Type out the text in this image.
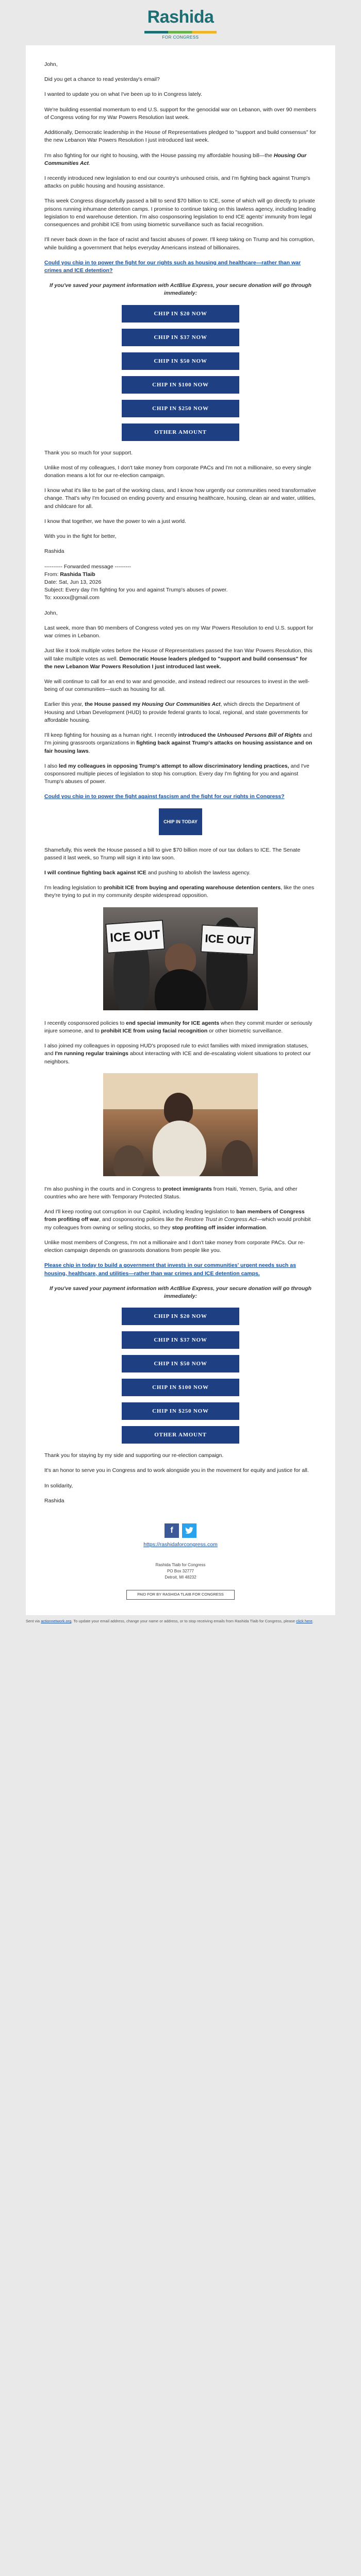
Rashida
FOR CONGRESS

John,

Did you get a chance to read yesterday's email?

I wanted to update you on what I've been up to in Congress lately.

We're building essential momentum to end U.S. support for the genocidal war on Lebanon, with over 90 members of Congress voting for my War Powers Resolution last week.

Additionally, Democratic leadership in the House of Representatives pledged to "support and build consensus" for the new Lebanon War Powers Resolution I just introduced last week.

I'm also fighting for our right to housing, with the House passing my affordable housing bill—the Housing Our Communities Act.

I recently introduced new legislation to end our country's unhoused crisis, and I'm fighting back against Trump's attacks on public housing and housing assistance.

This week Congress disgracefully passed a bill to send $70 billion to ICE, some of which will go directly to private prisons running inhumane detention camps. I promise to continue taking on this lawless agency, including leading legislation to end warehouse detention. I'm also cosponsoring legislation to end ICE agents' immunity from legal consequences and prohibit ICE from using biometric surveillance such as facial recognition.

I'll never back down in the face of racist and fascist abuses of power. I'll keep taking on Trump and his corruption, while building a government that helps everyday Americans instead of billionaires.

Could you chip in to power the fight for our rights such as housing and healthcare—rather than war crimes and ICE detention?

If you've saved your payment information with ActBlue Express, your secure donation will go through immediately:

CHIP IN $20 NOW
CHIP IN $37 NOW
CHIP IN $50 NOW
CHIP IN $100 NOW
CHIP IN $250 NOW
OTHER AMOUNT

Thank you so much for your support.

Unlike most of my colleagues, I don't take money from corporate PACs and I'm not a millionaire, so every single donation means a lot for our re-election campaign.

I know what it's like to be part of the working class, and I know how urgently our communities need transformative change. That's why I'm focused on ending poverty and ensuring healthcare, housing, clean air and water, utilities, and childcare for all.

I know that together, we have the power to win a just world.

With you in the fight for better,

Rashida

---------- Forwarded message ---------
From: Rashida Tlaib
Date: Sat, Jun 13, 2026
Subject: Every day I'm fighting for you and against Trump's abuses of power.
To: xxxxxx@gmail.com

John,

Last week, more than 90 members of Congress voted yes on my War Powers Resolution to end U.S. support for war crimes in Lebanon.

Just like it took multiple votes before the House of Representatives passed the Iran War Powers Resolution, this will take multiple votes as well. Democratic House leaders pledged to "support and build consensus" for the new Lebanon War Powers Resolution I just introduced last week.

We will continue to call for an end to war and genocide, and instead redirect our resources to invest in the well-being of our communities—such as housing for all.

Earlier this year, the House passed my Housing Our Communities Act, which directs the Department of Housing and Urban Development (HUD) to provide federal grants to local, regional, and state governments for affordable housing.

I'll keep fighting for housing as a human right. I recently introduced the Unhoused Persons Bill of Rights and I'm joining grassroots organizations in fighting back against Trump's attacks on housing assistance and on fair housing laws.

I also led my colleagues in opposing Trump's attempt to allow discriminatory lending practices, and I've cosponsored multiple pieces of legislation to stop his corruption. Every day I'm fighting for you and against Trump's abuses of power.

Could you chip in to power the fight against fascism and the fight for our rights in Congress?

CHIP IN TODAY

Shamefully, this week the House passed a bill to give $70 billion more of our tax dollars to ICE. The Senate passed it last week, so Trump will sign it into law soon.

I will continue fighting back against ICE and pushing to abolish the lawless agency.

I'm leading legislation to prohibit ICE from buying and operating warehouse detention centers, like the ones they're trying to put in my community despite widespread opposition.

ICE OUT	ICE OUT

I recently cosponsored policies to end special immunity for ICE agents when they commit murder or seriously injure someone, and to prohibit ICE from using facial recognition or other biometric surveillance.

I also joined my colleagues in opposing HUD's proposed rule to evict families with mixed immigration statuses, and I'm running regular trainings about interacting with ICE and de-escalating violent situations to protect our neighbors.

I'm also pushing in the courts and in Congress to protect immigrants from Haiti, Yemen, Syria, and other countries who are here with Temporary Protected Status.

And I'll keep rooting out corruption in our Capitol, including leading legislation to ban members of Congress from profiting off war, and cosponsoring policies like the Restore Trust in Congress Act—which would prohibit my colleagues from owning or selling stocks, so they stop profiting off insider information.

Unlike most members of Congress, I'm not a millionaire and I don't take money from corporate PACs. Our re-election campaign depends on grassroots donations from people like you.

Please chip in today to build a government that invests in our communities' urgent needs such as housing, healthcare, and utilities—rather than war crimes and ICE detention camps.

If you've saved your payment information with ActBlue Express, your secure donation will go through immediately:

CHIP IN $20 NOW
CHIP IN $37 NOW
CHIP IN $50 NOW
CHIP IN $100 NOW
CHIP IN $250 NOW
OTHER AMOUNT

Thank you for staying by my side and supporting our re-election campaign.

It's an honor to serve you in Congress and to work alongside you in the movement for equity and justice for all.

In solidarity,

Rashida

f
https://rashidaforcongress.com
Rashida Tlaib for Congress
PO Box 32777
Detroit, MI 48232
PAID FOR BY RASHIDA TLAIB FOR CONGRESS
Sent via actionnetwork.org. To update your email address, change your name or address, or to stop receiving emails from Rashida Tlaib for Congress, please click here.
